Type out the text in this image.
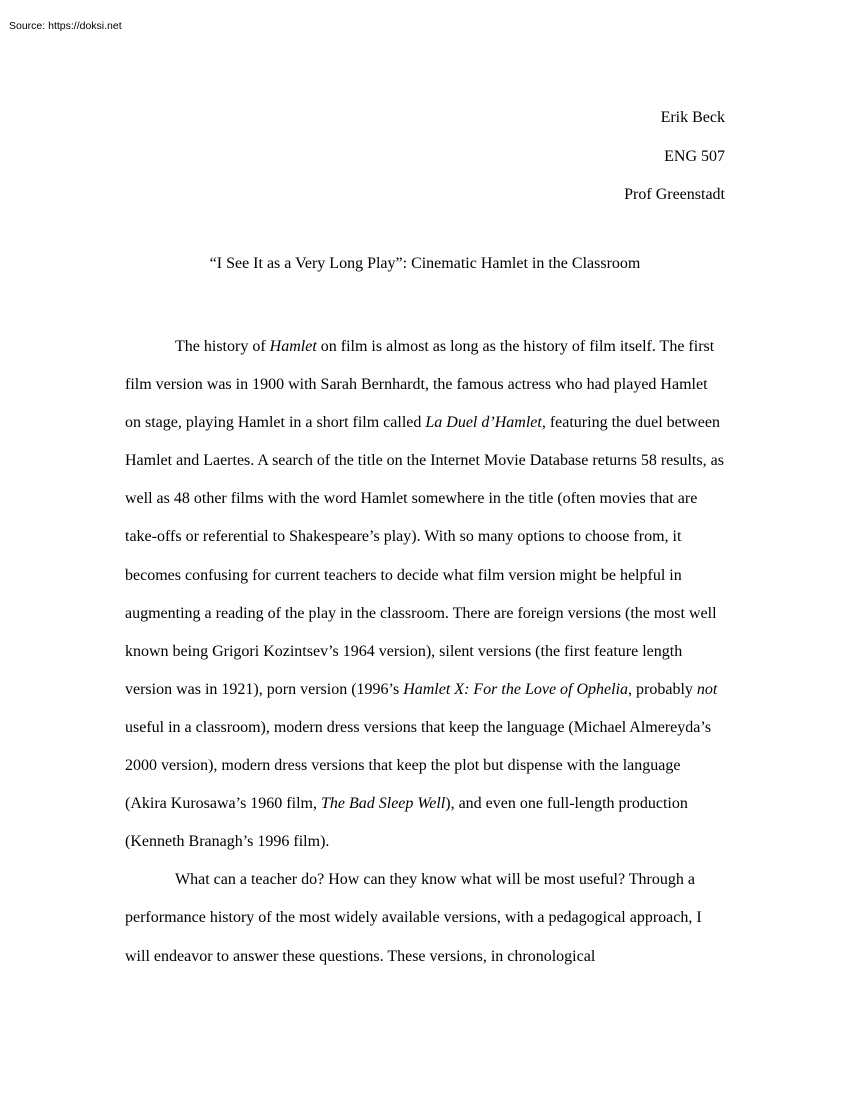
Source: https://doksi.net
Erik Beck
ENG 507
Prof Greenstadt
“I See It as a Very Long Play”: Cinematic Hamlet in the Classroom

The history of Hamlet on film is almost as long as the history of film itself. The first film version was in 1900 with Sarah Bernhardt, the famous actress who had played Hamlet on stage, playing Hamlet in a short film called La Duel d’Hamlet, featuring the duel between Hamlet and Laertes. A search of the title on the Internet Movie Database returns 58 results, as well as 48 other films with the word Hamlet somewhere in the title (often movies that are take-offs or referential to Shakespeare’s play). With so many options to choose from, it becomes confusing for current teachers to decide what film version might be helpful in augmenting a reading of the play in the classroom. There are foreign versions (the most well known being Grigori Kozintsev’s 1964 version), silent versions (the first feature length version was in 1921), porn version (1996’s Hamlet X: For the Love of Ophelia, probably not useful in a classroom), modern dress versions that keep the language (Michael Almereyda’s 2000 version), modern dress versions that keep the plot but dispense with the language (Akira Kurosawa’s 1960 film, The Bad Sleep Well), and even one full-length production (Kenneth Branagh’s 1996 film).

What can a teacher do? How can they know what will be most useful? Through a performance history of the most widely available versions, with a pedagogical approach, I will endeavor to answer these questions. These versions, in chronological
